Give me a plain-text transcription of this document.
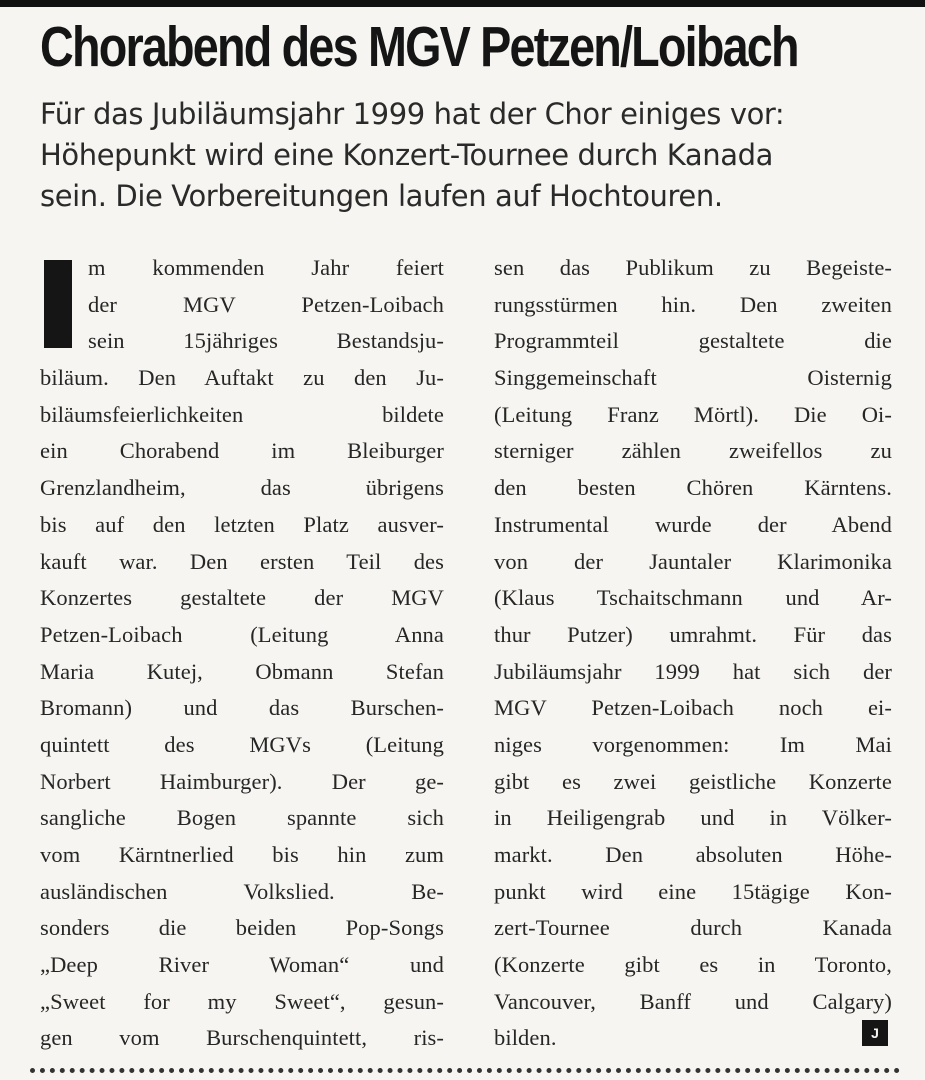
Chorabend des MGV Petzen/Loibach
Für das Jubiläumsjahr 1999 hat der Chor einiges vor:
Höhepunkt wird eine Konzert-Tournee durch Kanada
sein. Die Vorbereitungen laufen auf Hochtouren.
m kommenden Jahr feiert
der MGV Petzen-Loibach
sein 15jähriges Bestandsju-
biläum. Den Auftakt zu den Ju-
biläumsfeierlichkeiten bildete
ein Chorabend im Bleiburger
Grenzlandheim, das übrigens
bis auf den letzten Platz ausver-
kauft war. Den ersten Teil des
Konzertes gestaltete der MGV
Petzen-Loibach (Leitung Anna
Maria Kutej, Obmann Stefan
Bromann) und das Burschen-
quintett des MGVs (Leitung
Norbert Haimburger). Der ge-
sangliche Bogen spannte sich
vom Kärntnerlied bis hin zum
ausländischen Volkslied. Be-
sonders die beiden Pop-Songs
„Deep River Woman“ und
„Sweet for my Sweet“, gesun-
gen vom Burschenquintett, ris-
sen das Publikum zu Begeiste-
rungsstürmen hin. Den zweiten
Programmteil gestaltete die
Singgemeinschaft Oisternig
(Leitung Franz Mörtl). Die Oi-
sterniger zählen zweifellos zu
den besten Chören Kärntens.
Instrumental wurde der Abend
von der Jauntaler Klarimonika
(Klaus Tschaitschmann und Ar-
thur Putzer) umrahmt. Für das
Jubiläumsjahr 1999 hat sich der
MGV Petzen-Loibach noch ei-
niges vorgenommen: Im Mai
gibt es zwei geistliche Konzerte
in Heiligengrab und in Völker-
markt. Den absoluten Höhe-
punkt wird eine 15tägige Kon-
zert-Tournee durch Kanada
(Konzerte gibt es in Toronto,
Vancouver, Banff und Calgary)
bilden.	J
